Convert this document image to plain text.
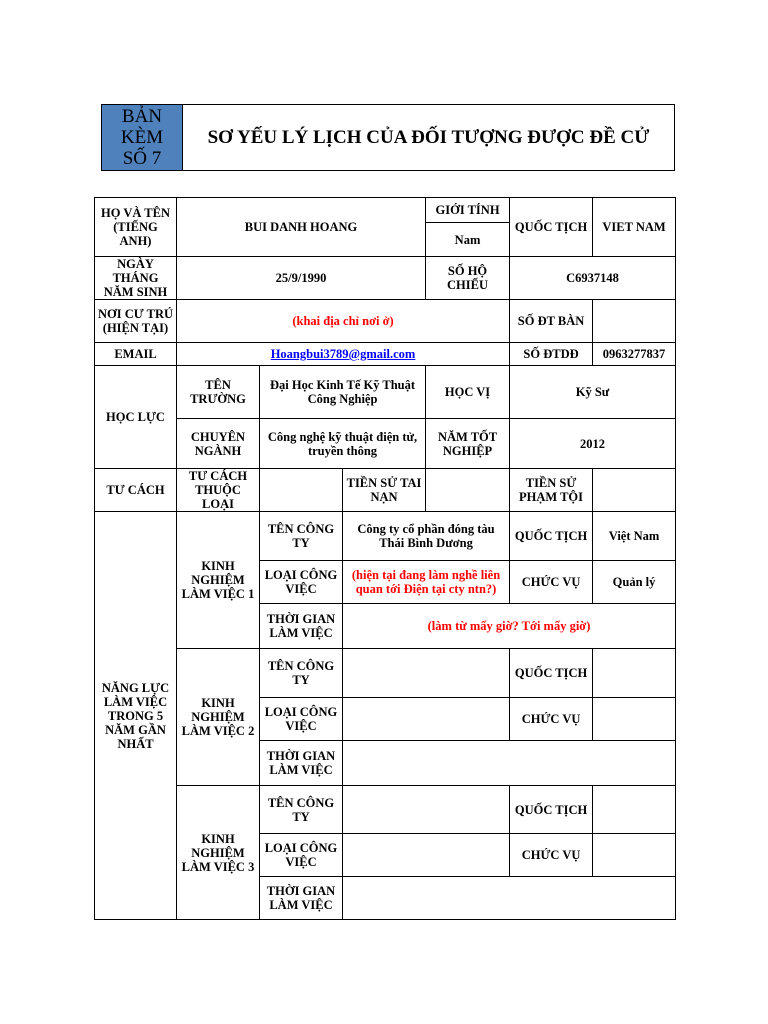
BẢN
KÈM
SỐ 7
SƠ YẾU LÝ LỊCH CỦA ĐỐI TƯỢNG ĐƯỢC ĐỀ CỬ
HỌ VÀ TÊN (TIẾNG ANH)	BUI DANH HOANG			GIỚI TÍNH	QUỐC TỊCH	VIET NAM
				Nam		
NGÀY THÁNG NĂM SINH	25/9/1990			SỐ HỘ CHIẾU	C6937148	
NƠI CƯ TRÚ (HIỆN TẠI)	(khai địa chỉ nơi ở)				SỐ ĐT BÀN	
EMAIL	Hoangbui3789@gmail.com				SỐ ĐTDĐ	0963277837
HỌC LỰC	TÊN TRƯỜNG	Đại Học Kinh Tế Kỹ Thuật Công Nghiệp		HỌC VỊ	Kỹ Sư	
	CHUYÊN NGÀNH	Công nghệ kỹ thuật điện tử, truyền thông		NĂM TỐT NGHIỆP	2012	
TƯ CÁCH	TƯ CÁCH THUỘC LOẠI		TIỀN SỬ TAI NẠN		TIỀN SỬ PHẠM TỘI	
NĂNG LỰC LÀM VIỆC TRONG 5 NĂM GẦN NHẤT	KINH NGHIỆM LÀM VIỆC 1	TÊN CÔNG TY	Công ty cổ phần đóng tàu Thái Bình Dương		QUỐC TỊCH	Việt Nam
		LOẠI CÔNG VIỆC	(hiện tại đang làm nghề liên quan tới Điện tại cty ntn?)		CHỨC VỤ	Quản lý
		THỜI GIAN LÀM VIỆC	(làm từ mấy giờ? Tới mấy giờ)			
	KINH NGHIỆM LÀM VIỆC 2	TÊN CÔNG TY			QUỐC TỊCH	
		LOẠI CÔNG VIỆC			CHỨC VỤ	
		THỜI GIAN LÀM VIỆC				
	KINH NGHIỆM LÀM VIỆC 3	TÊN CÔNG TY			QUỐC TỊCH	
		LOẠI CÔNG VIỆC			CHỨC VỤ	
		THỜI GIAN LÀM VIỆC				
